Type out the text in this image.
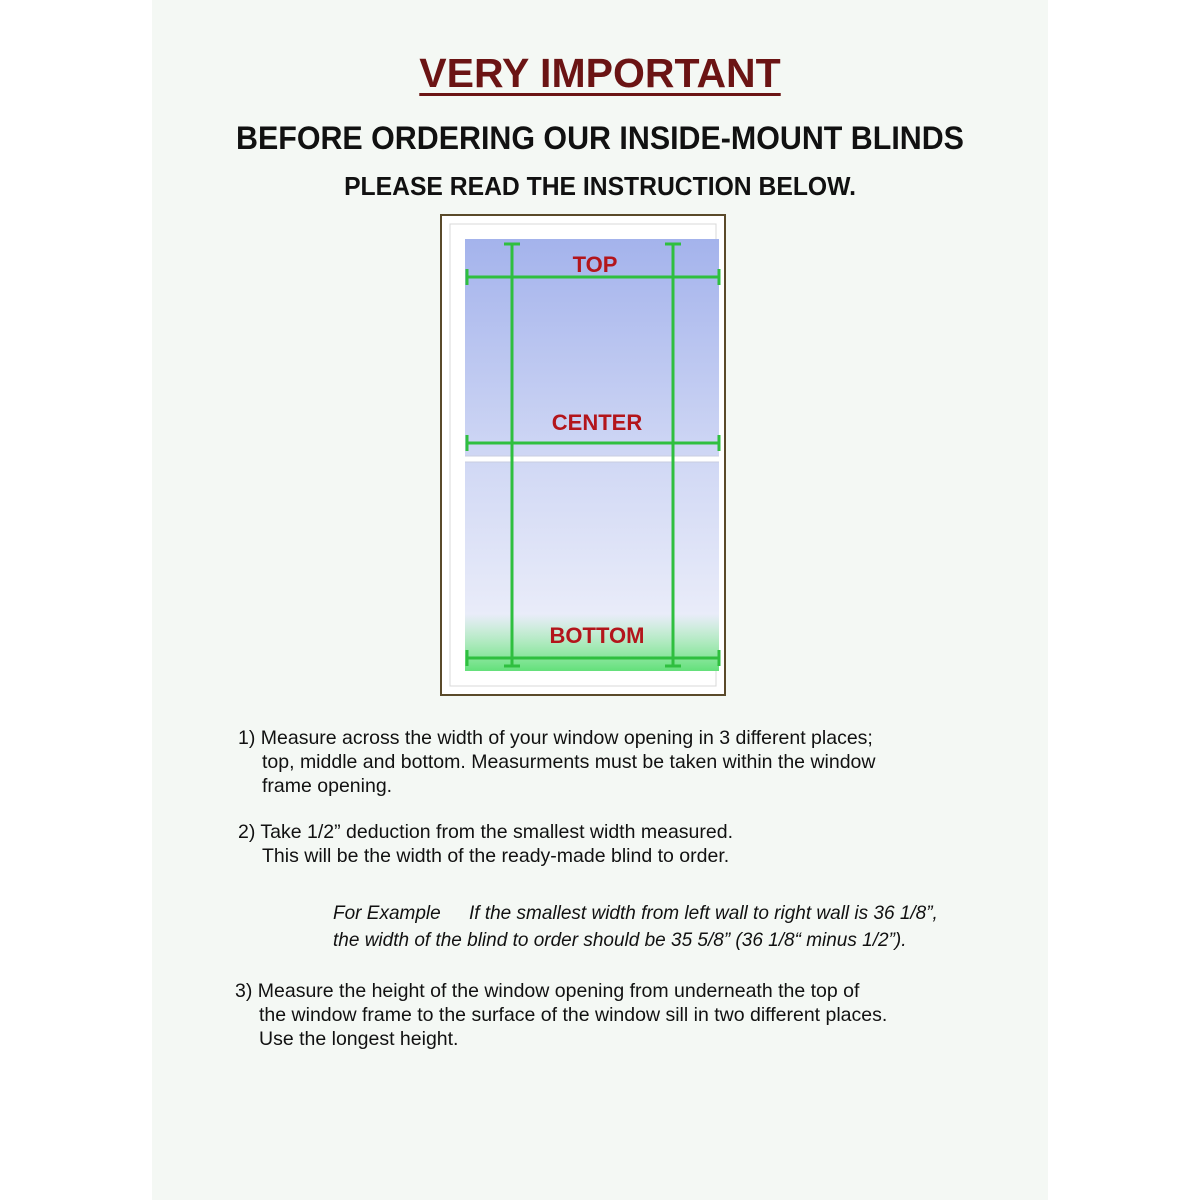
VERY IMPORTANT
BEFORE ORDERING OUR INSIDE-MOUNT BLINDS
PLEASE READ THE INSTRUCTION BELOW.
TOP
CENTER
BOTTOM
1) Measure across the width of your window opening in 3 different places;
top, middle and bottom. Measurments must be taken within the window
frame opening.
2) Take 1/2” deduction from the smallest width measured.
This will be the width of the ready-made blind to order.
For Example If the smallest width from left wall to right wall is 36 1/8”,
the width of the blind to order should be 35 5/8” (36 1/8“ minus 1/2”).
3) Measure the height of the window opening from underneath the top of
the window frame to the surface of the window sill in two different places.
Use the longest height.
